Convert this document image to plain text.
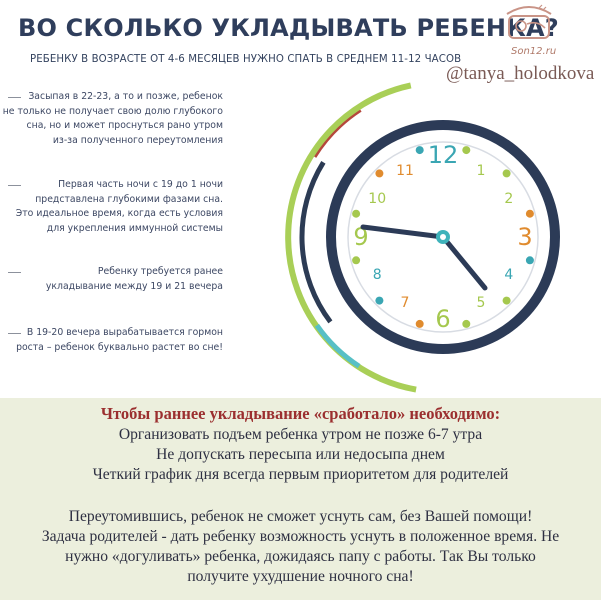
ВО СКОЛЬКО УКЛАДЫВАТЬ РЕБЕНКА?
РЕБЕНКУ В ВОЗРАСТЕ ОТ 4-6 МЕСЯЦЕВ НУЖНО СПАТЬ В СРЕДНЕМ 11-12 ЧАСОВ
Son12.ru
@tanya_holodkova
Засыпая в 22-23, а то и позже, ребенок
не только не получает свою долю глубокого
сна, но и может проснуться рано утром
из-за полученного переутомления
Первая часть ночи с 19 до 1 ночи
представлена глубокими фазами сна.
Это идеальное время, когда есть условия
для укрепления иммунной системы
Ребенку требуется ранее
укладывание между 19 и 21 вечера
В 19-20 вечера вырабатывается гормон
роста – ребенок буквально растет во сне!
12
1
2
3
4
5
6
7
8
9
10
11
Чтобы раннее укладывание «сработало» необходимо:
Организовать подъем ребенка утром не позже 6-7 утра
Не допускать пересыпа или недосыпа днем
Четкий график дня всегда первым приоритетом для родителей
Переутомившись, ребенок не сможет уснуть сам, без Вашей помощи!
Задача родителей - дать ребенку возможность уснуть в положенное время. Не
нужно «догуливать» ребенка, дожидаясь папу с работы. Так Вы только
получите ухудшение ночного сна!
